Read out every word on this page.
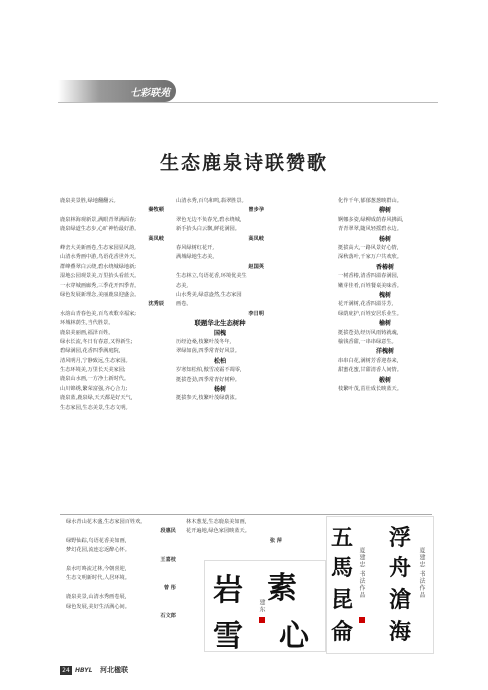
七彩联苑
生态鹿泉诗联赞歌
鹿泉美景胜,绿地翻翻云。
秦牧顿
鹿泉林海观新景,满眼青翠满面春;
鹿泉绿道生态步,心旷神怡最好游。
高凤岐
峰峦大美新画卷,生态家园显风韵,
山清水秀画中游,鸟语花香世外天。
群峰叠翠白云绕,碧水绕城绿地新;
湿地公园观景美,万里抬头看蓝天。
一水穿城画廊秀,三季花开四季青。
绿色发展新理念,美丽鹿泉迎盛会。
沈秀辰
水韵山青春色美,百鸟欢歌幸福家;
环城林荫生,当代胜景。
鹿泉美丽画,福泽百姓。
绿水长流,冬日有春意,又得新生;
碧绿满园,花香四季满庭院,
清风明月,宁静致远,生态家园。
生态环境美,万里长天美家园;
鹿泉山水画,一方净土新时代。
山川锦绣,繁荣富强,齐心合力;
鹿泉蓝,鹿泉绿,天天都是好天气,
生态家园,生态美景,生态文明。
山清水秀,百鸟和鸣,翡翠胜景。
曾步孕
翠色无边不负春光,碧水绕城,
新手抬头白云飘,鲜花满园。
高凤岐
春风绿树红花开,
满城绿地生态美。
赵国英
生态林立,鸟语花香,环境优美生
态美,
山水秀美,绿意盎然,生态家园
画卷。
李日明
联题华北生态树种
国槐
历经沧桑,枝繁叶茂冬年,
翠绿如茵,四季常青好风景。
松柏
岁寒知松柏,傲雪凌霜不凋零,
挺拔苍劲,四季常青好树种。
杨树
挺拔参天,枝繁叶茂绿荫浓。
化作千年,郁郁葱葱映群山。
柳树
婀娜多姿,绿柳成荫春风拂面,
青青翠翠,随风轻摇碧水边。
杨树
挺拔高大,一路风景好心情,
深秋落叶,千家万户共欢欣。
香椿树
一树香椿,清香四溢春满园,
嫩芽佳肴,百姓餐桌美味香。
槐树
花开满树,花香四溢芬芳,
绿荫庇护,百姓安居乐业生。
榆树
挺拔苍劲,经历风雨铸就魂,
榆钱香甜,一串串绿意生。
洋槐树
串串白花,满树芳香迎春来,
甜蜜花蜜,甘甜清香人间情。
椴树
枝繁叶茂,茁壮成长映蓝天。
绿水青山花木盛,生态家园百姓欢。
段惠民
绿野仙踪,鸟语花香美如画,
梦幻花园,流连忘返醉心怀。
王喜枝
泉水叮咚流过林,今朝喜迎,
生态文明新时代,人居环境。
曾 彤
鹿泉美景,山清水秀画卷展,
绿色发展,美好生活满心间。
石文郎
林木葱茏,生态鹿泉美如画,
花开遍地,绿色家园映蓝天。
张 萍
岩 素
雪 心
建东
浮
舟
滄
海
五
馬
昆
侖
夏建忠 书法作品	夏建忠 书法作品
24 HBYL 河北楹联
